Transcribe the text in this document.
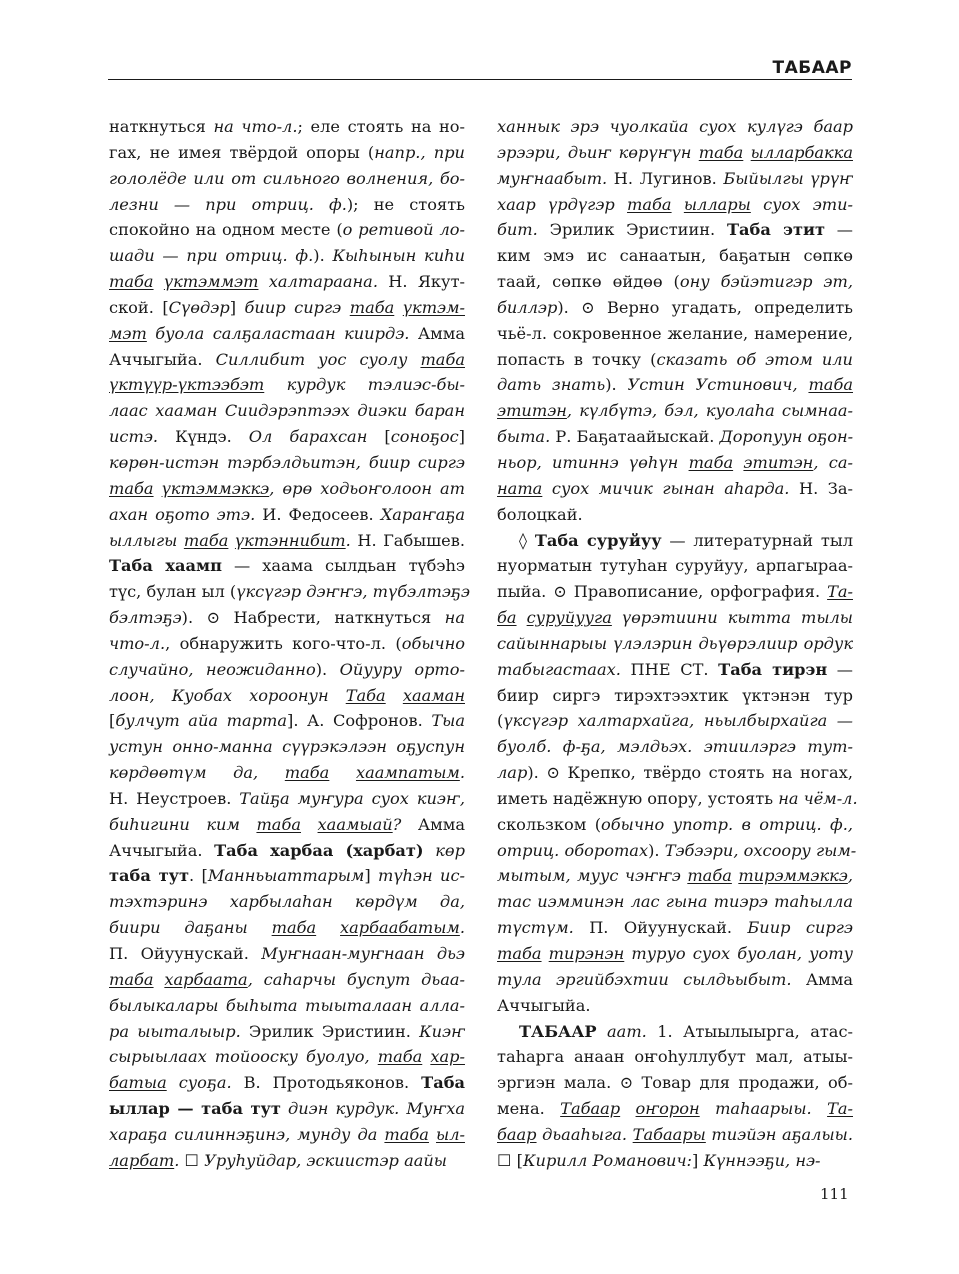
ТАБААР
наткнуться на что-л.; еле стоять на но-
гах, не имея твёрдой опоры (напр., при
гололёде или от сильного волнения, бо-
лезни — при отриц. ф.); не стоять
спокойно на одном месте (о ретивой ло-
шади — при отриц. ф.). Кыһынын киһи
таба үктэммэт халтараана. Н. Якут-
ской. [Сүөдэр] биир сиргэ таба үктэм-
мэт буола салҕаластаан киирдэ. Амма
Аччыгыйа. Силлибит уос суолу таба
үктүүр-үктээбэт курдук тэлиэс-бы-
лаас хааман Сиидэрэптээх диэки баран
истэ. Күндэ. Ол барахсан [соноҕос]
көрөн-истэн тэрбэлдьитэн, биир сиргэ
таба үктэммэккэ, өрө ходьоҥолоон ат
ахан оҕото этэ. И. Федосеев. Хараҥаҕа
ыллыгы таба үктэннибит. Н. Габышев.
Таба хаамп — хаама сылдьан түбэһэ
түс, булан ыл (үксүгэр дэҥҥэ, түбэлтэҕэ
бэлтэҕэ). ⊙ Набрести, наткнуться на
что-л., обнаружить кого-что-л. (обычно
случайно, неожиданно). Ойууру орто-
лоон, Куобах хороонун Таба хааман
[булчут айа тарта]. А. Софронов. Тыа
устун онно-манна сүүрэкэлээн оҕуспун
көрдөөтүм да, таба хаампатым.
Н. Неустроев. Тайҕа муҥура суох киэҥ,
биһигини ким таба хаамыай? Амма
Аччыгыйа. Таба харбаа (харбат) көр
таба тут. [Манньыаттарым] түһэн ис-
тэхтэринэ харбылаһан көрдүм да,
биири даҕаны таба харбаабатым.
П. Ойуунускай. Муҥнаан-муҥнаан дьэ
таба харбаата, саһарчы буспут дьаа-
былыкалары быһыта тыыталаан алла-
ра ыыталыыр. Эрилик Эристиин. Киэҥ
сырыылаах тойооску буолуо, таба хар-
батыа суоҕа. В. Протодьяконов. Таба
ыллар — таба тут диэн курдук. Муҥха
хараҕа силиннэҕинэ, мунду да таба ыл-
ларбат. ☐ Уруһуйдар, эскиистэр аайы
ханнык эрэ чуолкайа суох кулүгэ баар
эрээри, дьиҥ көрүҥүн таба ылларбакка
муҥнаабыт. Н. Лугинов. Быйылгы үрүҥ
хаар үрдүгэр таба ыллары суох эти-
бит. Эрилик Эристиин. Таба этит —
ким эмэ ис санаатын, баҕатын сөпкө
таай, сөпкө өйдөө (ону бэйэтигэр эт,
биллэр). ⊙ Верно угадать, определить
чьё-л. сокровенное желание, намерение,
попасть в точку (сказать об этом или
дать знать). Устин Устинович, таба
этитэн, күлбүтэ, бэл, куолаһа сымнаа-
быта. Р. Баҕатаайыскай. Доропуун оҕон-
ньор, итиннэ үөһүн таба этитэн, са-
ната суох мичик гынан аһарда. Н. За-
болоцкай.
◊ Таба суруйуу — литературнай тыл
нуорматын тутуһан суруйуу, арпагыраа-
пыйа. ⊙ Правописание, орфография. Та-
ба суруйууга үөрэтиини кытта тылы
сайыннарыы үлэлэрин дьүөрэлиир ордук
табыгастаах. ПНЕ СТ. Таба тирэн —
биир сиргэ тирэхтээхтик үктэнэн тур
(үксүгэр халтархайга, ньылбырхайга —
буолб. ф-ҕа, мэлдьэх. этиилэргэ тут-
лар). ⊙ Крепко, твёрдо стоять на ногах,
иметь надёжную опору, устоять на чём-л.
скользком (обычно употр. в отриц. ф.,
отриц. оборотах). Тэбээри, охсоору гым-
мытым, муус чэҥҥэ таба тирэммэккэ,
тас иэмминэн лас гына тиэрэ таһылла
түстүм. П. Ойуунускай. Биир сиргэ
таба тирэнэн туруо суох буолан, уоту
тула эргийбэхтии сылдьыбыт. Амма
Аччыгыйа.
ТАБААР аат. 1. Атыылыырга, атас-
таһарга анаан оҥоһуллубут мал, атыы-
эргиэн мала. ⊙ Товар для продажи, об-
мена. Табаар оҥорон таһаарыы. Та-
баар дьааһыга. Табаары тиэйэн аҕалыы.
☐ [Кирилл Романович:] Күннээҕи, нэ-
111
